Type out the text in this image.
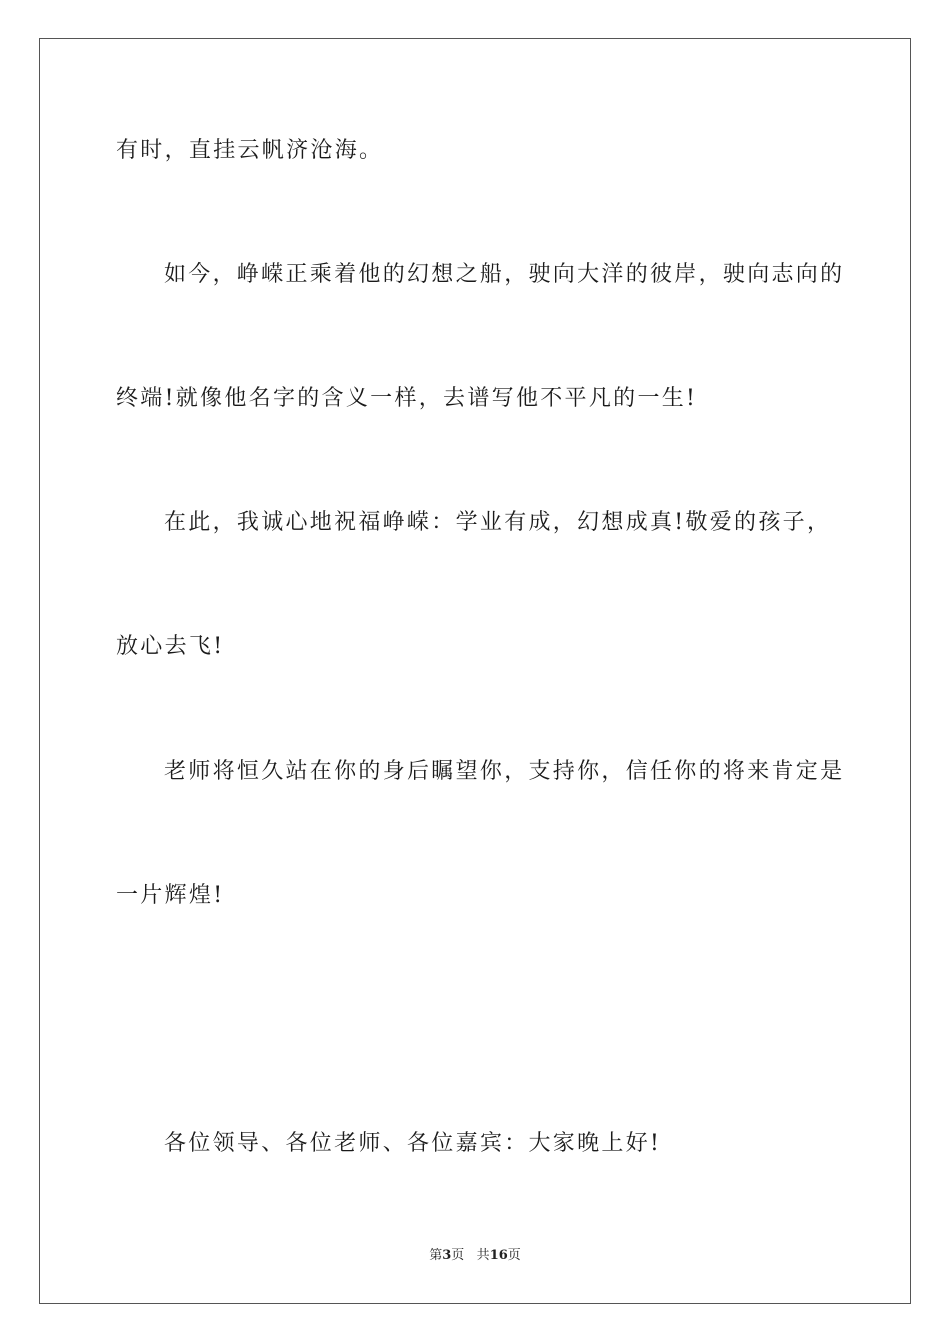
有时，直挂云帆济沧海。
如今，峥嵘正乘着他的幻想之船，驶向大洋的彼岸，驶向志向的
终端!就像他名字的含义一样，去谱写他不平凡的一生!
在此，我诚心地祝福峥嵘：学业有成，幻想成真!敬爱的孩子，
放心去飞!
老师将恒久站在你的身后瞩望你，支持你，信任你的将来肯定是
一片辉煌!
各位领导、各位老师、各位嘉宾：大家晚上好!
第3页 共16页
